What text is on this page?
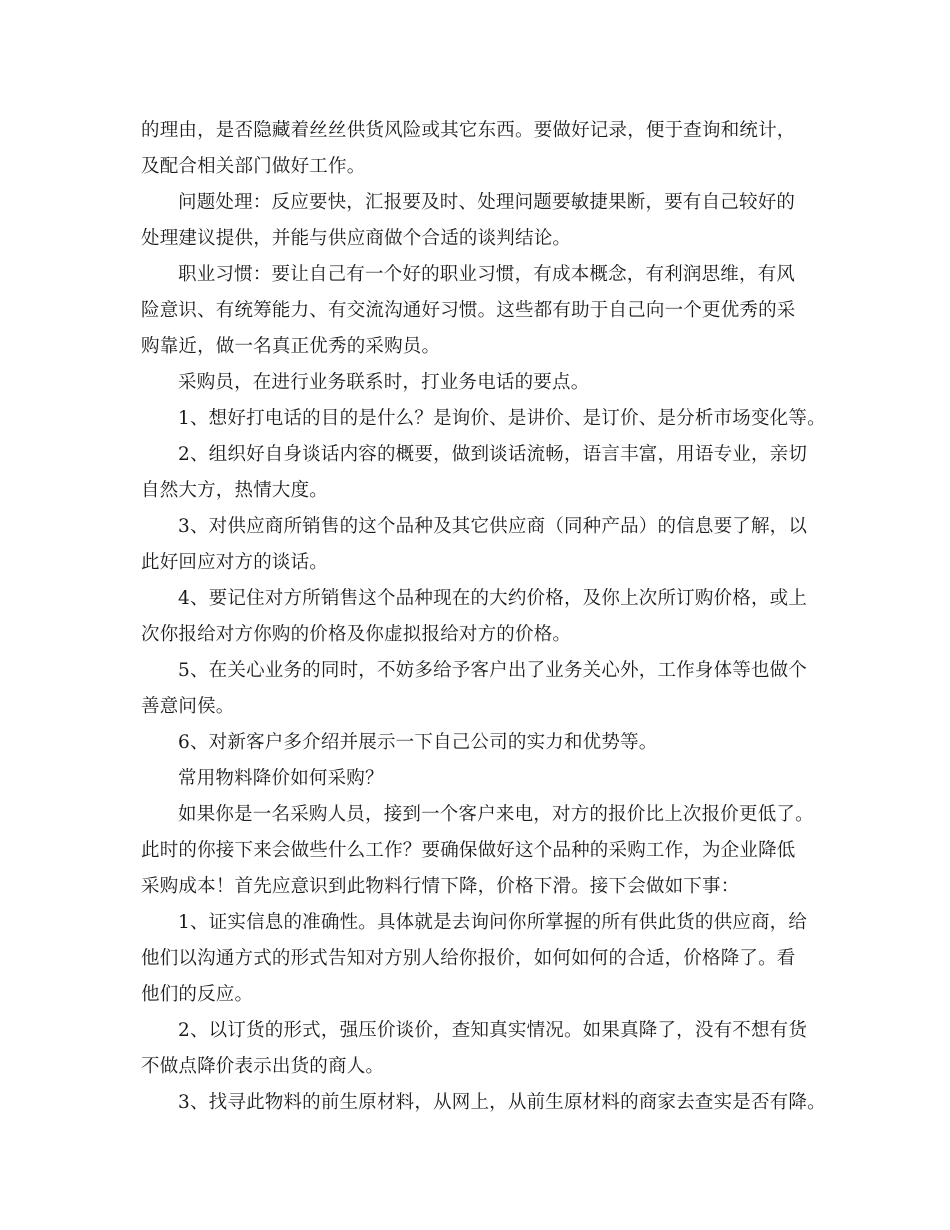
的理由，是否隐藏着丝丝供货风险或其它东西。要做好记录，便于查询和统计，
及配合相关部门做好工作。
问题处理：反应要快，汇报要及时、处理问题要敏捷果断，要有自己较好的
处理建议提供，并能与供应商做个合适的谈判结论。
职业习惯：要让自己有一个好的职业习惯，有成本概念，有利润思维，有风
险意识、有统筹能力、有交流沟通好习惯。这些都有助于自己向一个更优秀的采
购靠近，做一名真正优秀的采购员。
采购员，在进行业务联系时，打业务电话的要点。
1、想好打电话的目的是什么？是询价、是讲价、是订价、是分析市场变化等。
2、组织好自身谈话内容的概要，做到谈话流畅，语言丰富，用语专业，亲切
自然大方，热情大度。
3、对供应商所销售的这个品种及其它供应商（同种产品）的信息要了解，以
此好回应对方的谈话。
4、要记住对方所销售这个品种现在的大约价格，及你上次所订购价格，或上
次你报给对方你购的价格及你虚拟报给对方的价格。
5、在关心业务的同时，不妨多给予客户出了业务关心外，工作身体等也做个
善意问侯。
6、对新客户多介绍并展示一下自己公司的实力和优势等。
常用物料降价如何采购？
如果你是一名采购人员，接到一个客户来电，对方的报价比上次报价更低了。
此时的你接下来会做些什么工作？要确保做好这个品种的采购工作，为企业降低
采购成本！首先应意识到此物料行情下降，价格下滑。接下会做如下事：
1、证实信息的准确性。具体就是去询问你所掌握的所有供此货的供应商，给
他们以沟通方式的形式告知对方别人给你报价，如何如何的合适，价格降了。看
他们的反应。
2、以订货的形式，强压价谈价，查知真实情况。如果真降了，没有不想有货
不做点降价表示出货的商人。
3、找寻此物料的前生原材料，从网上，从前生原材料的商家去查实是否有降。
